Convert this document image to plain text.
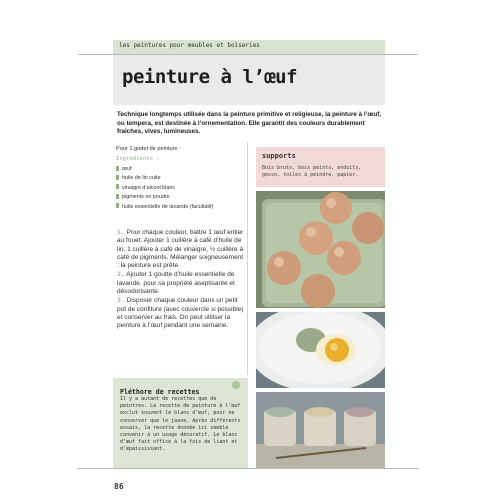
les peintures pour meubles et boiseries
peinture à l’œuf
Technique longtemps utilisée dans la peinture primitive et religieuse, la peinture à l’œuf, ou tempera, est destinée à l’ornementation. Elle garantit des couleurs durablement fraîches, vives, lumineuses.
Pour 1 godet de peinture :
Ingrédients :
œuf
huile de lin cuite
vinaigre d’alcool blanc
pigments en poudre
huile essentielle de lavande (facultatif)

1. Pour chaque couleur, battre 1 œuf entier au fouet. Ajouter 1 cuillère à café d’huile de lin, 1 cuillère à café de vinaigre, ½ cuillère à café de pigments. Mélanger soigneusement : la peinture est prête.

2. Ajouter 1 goutte d’huile essentielle de lavande, pour sa propriété aseptisante et désodorisante.

3. Disposer chaque couleur dans un petit pot de confiture (avec couvercle si possible) et conserver au frais. On peut utiliser la peinture à l’œuf pendant une semaine.

Pléthore de recettes
Il y a autant de recettes que de peintres. La recette de peinture à l’œuf exclut souvent le blanc d’œuf, pour ne conserver que le jaune. Après différents essais, la recette donnée ici semble convenir à un usage décoratif. Le blanc d’œuf fait office à la fois de liant et d’épaississant.
supports
Bois bruts, bois peints, enduits, gesso, toiles à peindre, papier.
86
